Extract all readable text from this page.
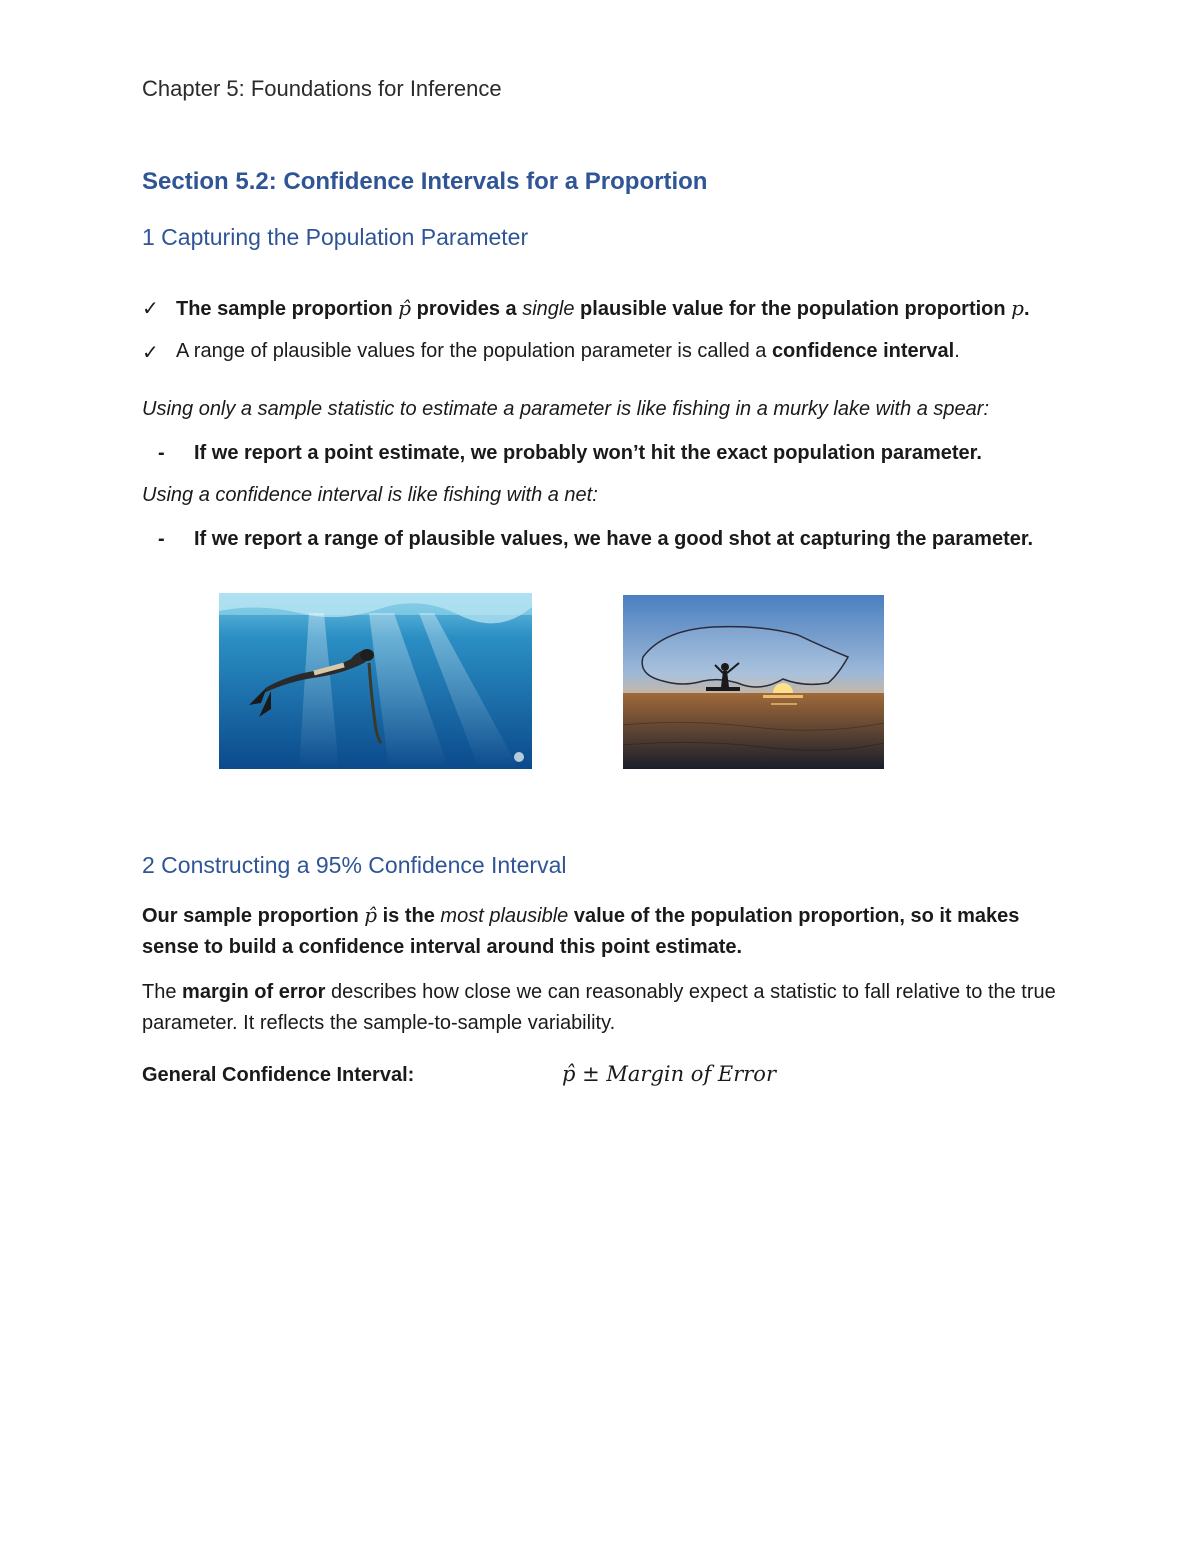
Chapter 5: Foundations for Inference
Section 5.2: Confidence Intervals for a Proportion
1 Capturing the Population Parameter
✓ The sample proportion p̂ provides a single plausible value for the population proportion p.
✓ A range of plausible values for the population parameter is called a confidence interval.
Using only a sample statistic to estimate a parameter is like fishing in a murky lake with a spear:
- If we report a point estimate, we probably won’t hit the exact population parameter.
Using a confidence interval is like fishing with a net:
- If we report a range of plausible values, we have a good shot at capturing the parameter.
2 Constructing a 95% Confidence Interval
Our sample proportion p̂ is the most plausible value of the population proportion, so it makes sense to build a confidence interval around this point estimate.
The margin of error describes how close we can reasonably expect a statistic to fall relative to the true parameter. It reflects the sample-to-sample variability.
General Confidence Interval:	p̂ ± Margin of Error
